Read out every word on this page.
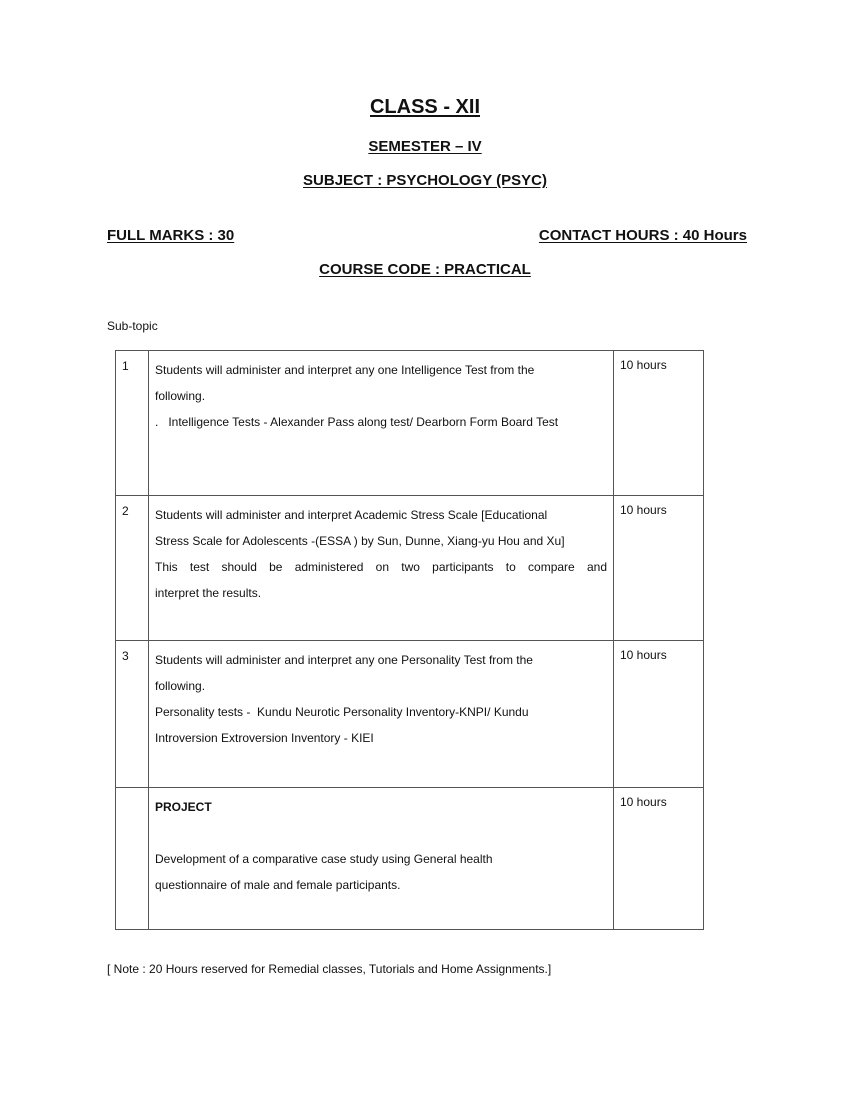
CLASS - XII
SEMESTER – IV
SUBJECT : PSYCHOLOGY (PSYC)
FULL MARKS : 30	CONTACT HOURS : 40 Hours
COURSE CODE : PRACTICAL
Sub-topic
1	Students will administer and interpret any one Intelligence Test from the
following.
.   Intelligence Tests - Alexander Pass along test/ Dearborn Form Board Test	10 hours
2	Students will administer and interpret Academic Stress Scale [Educational
Stress Scale for Adolescents -(ESSA ) by Sun, Dunne, Xiang-yu Hou and Xu]
This test should be administered on two participants to compare and
interpret the results.	10 hours
3	Students will administer and interpret any one Personality Test from the
following.
Personality tests -  Kundu Neurotic Personality Inventory-KNPI/ Kundu
Introversion Extroversion Inventory - KIEI	10 hours

	PROJECT
Development of a comparative case study using General health
questionnaire of male and female participants.	10 hours
[ Note : 20 Hours reserved for Remedial classes, Tutorials and Home Assignments.]
